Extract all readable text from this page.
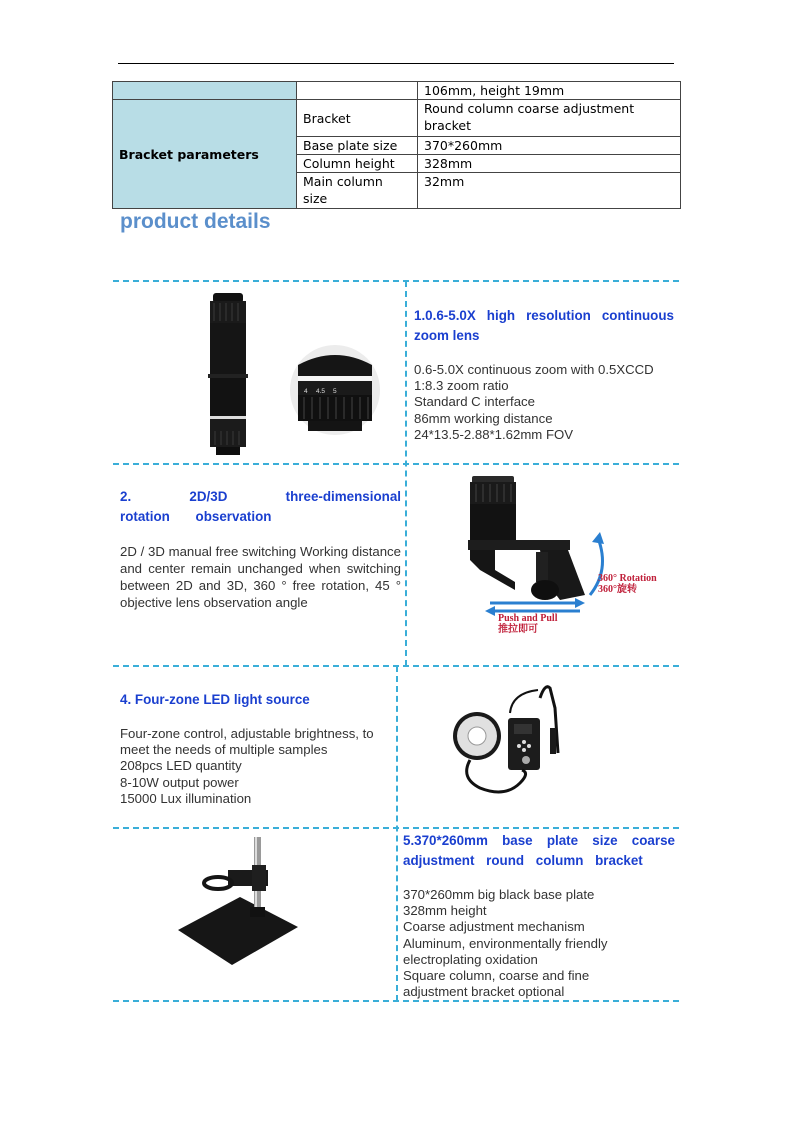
		106mm, height 19mm
Bracket parameters	Bracket	Round column coarse adjustment bracket
	Base plate size	370*260mm
	Column height	328mm
	Main column size	32mm
product details
4 4.5 5
1.0.6-5.0X high resolution continuous zoom lens
0.6-5.0X continuous zoom with 0.5XCCD
1:8.3 zoom ratio
Standard C interface
86mm working distance
24*13.5-2.88*1.62mm FOV
2. 2D/3D three-dimensional rotation observation
2D / 3D manual free switching Working distance and center remain unchanged when switching between 2D and 3D, 360 ° free rotation, 45 ° objective lens observation angle
360° Rotation
360°旋转
Push and Pull
推拉即可
4. Four-zone LED light source
Four-zone control, adjustable brightness, to meet the needs of multiple samples
208pcs LED quantity
8-10W output power
15000 Lux illumination
5.370*260mm base plate size coarse adjustment round column bracket
370*260mm big black base plate
328mm height
Coarse adjustment mechanism
Aluminum, environmentally friendly electroplating oxidation
Square column, coarse and fine adjustment bracket optional
